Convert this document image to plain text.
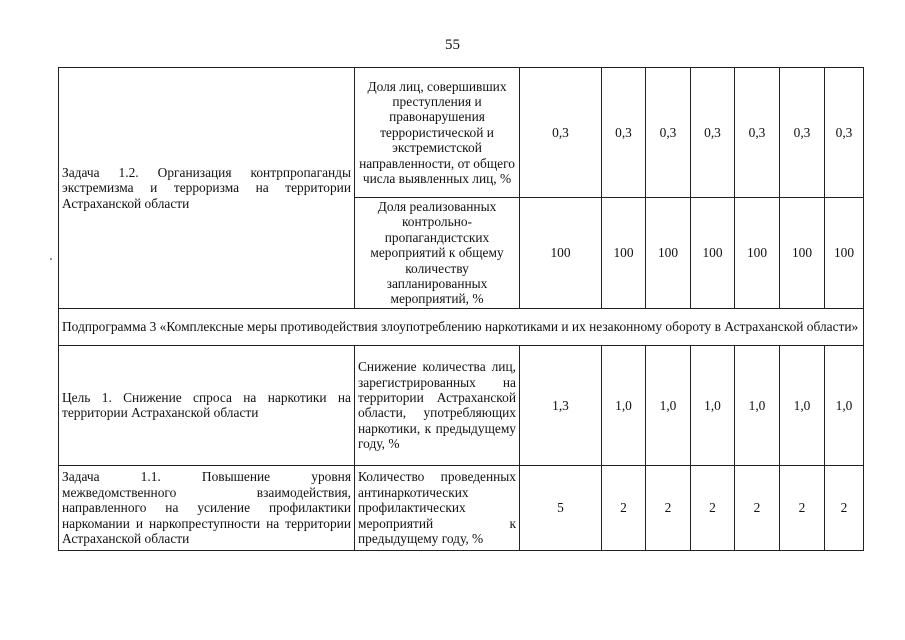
55
Задача 1.2. Организация контрпропаганды экстремизма и терроризма на территории Астраханской области	Доля лиц, совершивших преступления и правонарушения террористической и экстремистской направленности, от общего числа выявленных лиц, %	0,3	0,3	0,3	0,3	0,3	0,3	0,3
	Доля реализованных контрольно-пропагандистских мероприятий к общему количеству запланированных мероприятий, %	100	100	100	100	100	100	100
Подпрограмма 3 «Комплексные меры противодействия злоупотреблению наркотиками и их незаконному обороту в Астраханской области»								
Цель 1. Снижение спроса на наркотики на территории Астраханской области	Снижение количества лиц, зарегистрированных на территории Астраханской области, употребляющих наркотики, к предыдущему году, %	1,3	1,0	1,0	1,0	1,0	1,0	1,0
Задача 1.1. Повышение уровня межведомственного взаимодействия, направленного на усиление профилактики наркомании и наркопреступности на территории Астраханской области	Количество проведенных антинаркотических профилактических мероприятий к предыдущему году, %	5	2	2	2	2	2	2
